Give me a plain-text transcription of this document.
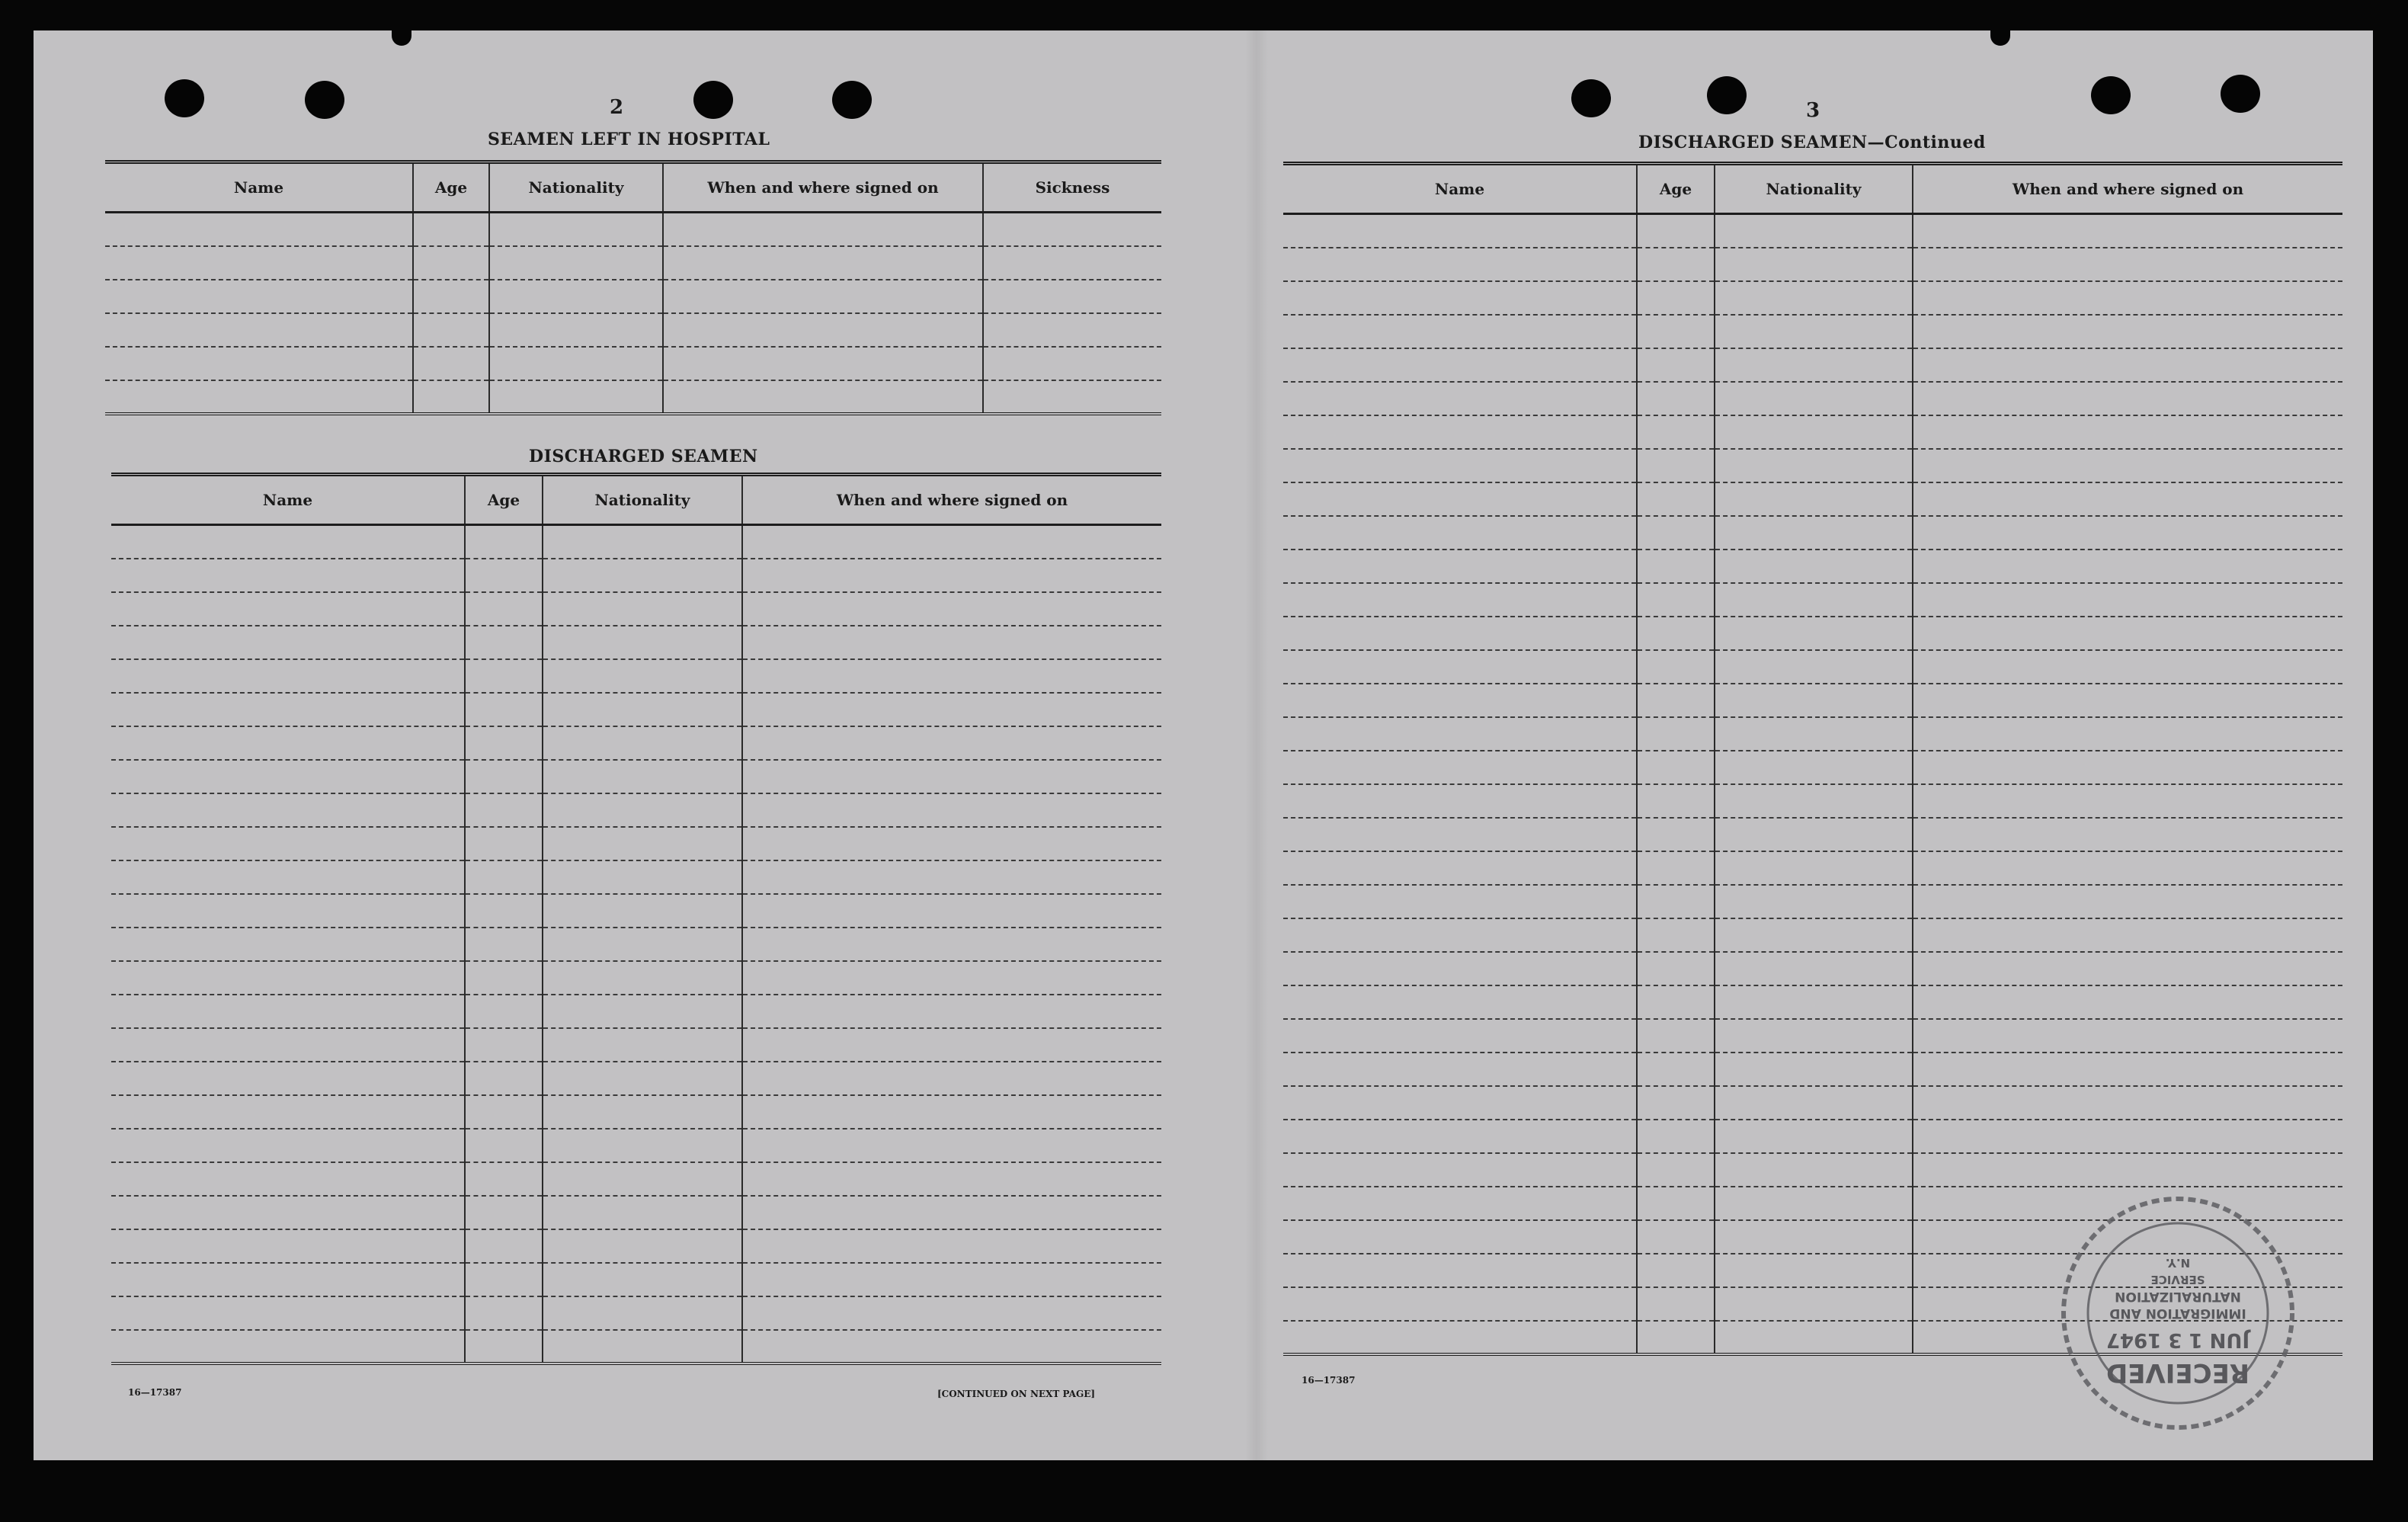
2
SEAMEN LEFT IN HOSPITAL
Name	Age	Nationality	When and where signed on	Sickness

DISCHARGED SEAMEN
Name	Age	Nationality	When and where signed on

16—17387	[CONTINUED ON NEXT PAGE]
3
DISCHARGED SEAMEN—Continued
Name	Age	Nationality	When and where signed on

16—17387	RECEIVED
JUN 1 3 1947
IMMIGRATION AND
NATURALIZATION
SERVICE
N.Y.
